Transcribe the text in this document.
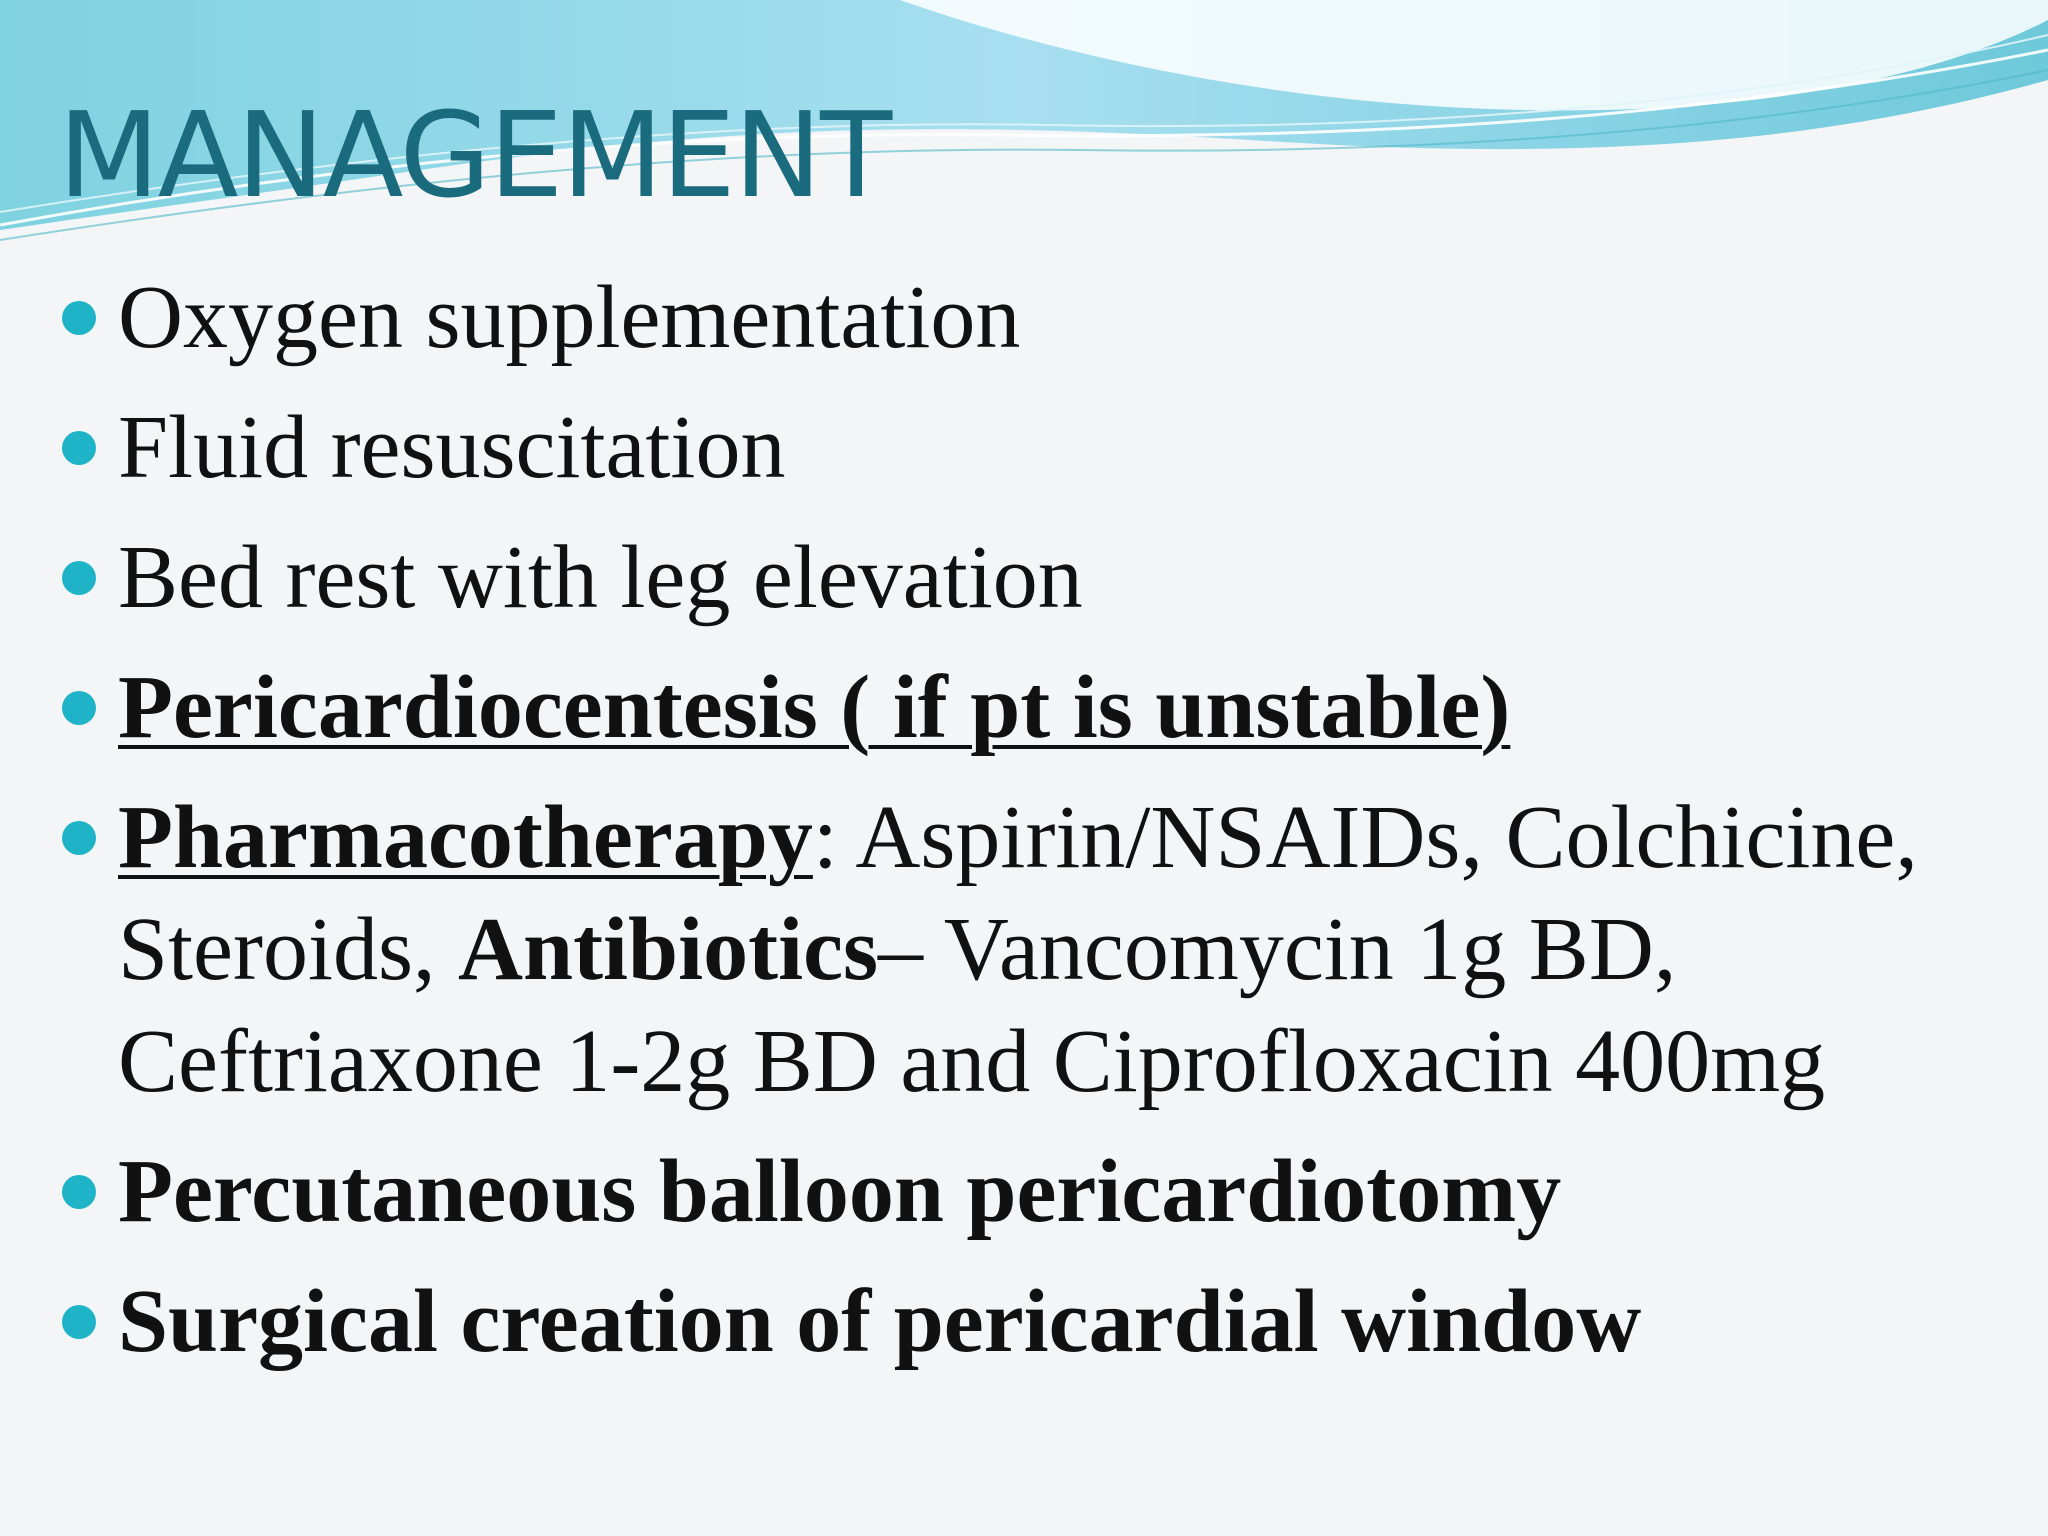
MANAGEMENT
Oxygen supplementation
Fluid resuscitation
Bed rest with leg elevation
Pericardiocentesis ( if pt is unstable)
Pharmacotherapy: Aspirin/NSAIDs, Colchicine, Steroids, Antibiotics– Vancomycin 1g BD, Ceftriaxone 1-2g BD and Ciprofloxacin 400mg
Percutaneous balloon pericardiotomy
Surgical creation of pericardial window
